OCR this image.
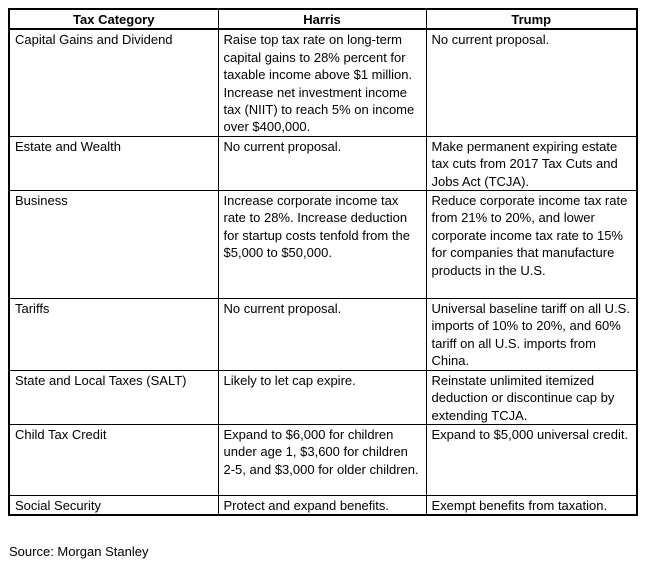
Tax Category	Harris	Trump
Capital Gains and Dividend	Raise top tax rate on long-term capital gains to 28% percent for taxable income above $1 million. Increase net investment income tax (NIIT) to reach 5% on income over $400,000.	No current proposal.
Estate and Wealth	No current proposal.	Make permanent expiring estate tax cuts from 2017 Tax Cuts and Jobs Act (TCJA).
Business	Increase corporate income tax rate to 28%. Increase deduction for startup costs tenfold from the $5,000 to $50,000.	Reduce corporate income tax rate from 21% to 20%, and lower corporate income tax rate to 15% for companies that manufacture products in the U.S.
Tariffs	No current proposal.	Universal baseline tariff on all U.S. imports of 10% to 20%, and 60% tariff on all U.S. imports from China.
State and Local Taxes (SALT)	Likely to let cap expire.	Reinstate unlimited itemized deduction or discontinue cap by extending TCJA.
Child Tax Credit	Expand to $6,000 for children under age 1, $3,600 for children 2-5, and $3,000 for older children.	Expand to $5,000 universal credit.
Social Security	Protect and expand benefits.	Exempt benefits from taxation.

Source: Morgan Stanley
